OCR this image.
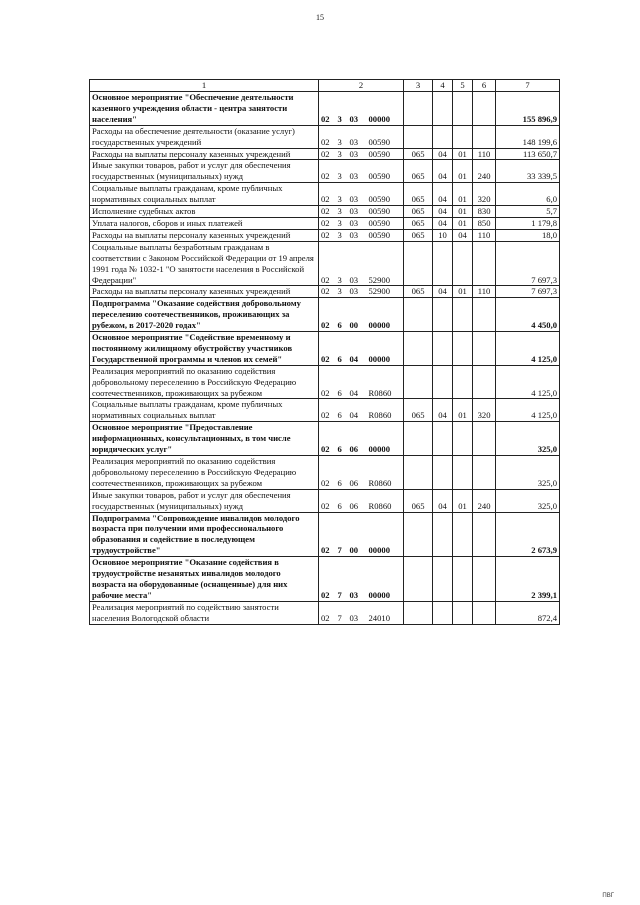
15
1	2				3	4	5	6	7
Основное мероприятие "Обеспечение деятельности казенного учреждения области - центра занятости населения"	02	3	03	00000					155 896,9
Расходы на обеспечение деятельности (оказание услуг) государственных учреждений	02	3	03	00590					148 199,6
Расходы на выплаты персоналу казенных учреждений	02	3	03	00590	065	04	01	110	113 650,7
Иные закупки товаров, работ и услуг для обеспечения государственных (муниципальных) нужд	02	3	03	00590	065	04	01	240	33 339,5
Социальные выплаты гражданам, кроме публичных нормативных социальных выплат	02	3	03	00590	065	04	01	320	6,0
Исполнение судебных актов	02	3	03	00590	065	04	01	830	5,7
Уплата налогов, сборов и иных платежей	02	3	03	00590	065	04	01	850	1 179,8
Расходы на выплаты персоналу казенных учреждений	02	3	03	00590	065	10	04	110	18,0
Социальные выплаты безработным гражданам в соответствии с Законом Российской Федерации от 19 апреля 1991 года № 1032-1 "О занятости населения в Российской Федерации"	02	3	03	52900					7 697,3
Расходы на выплаты персоналу казенных учреждений	02	3	03	52900	065	04	01	110	7 697,3
Подпрограмма "Оказание содействия добровольному переселению соотечественников, проживающих за рубежом, в 2017-2020 годах"	02	6	00	00000					4 450,0
Основное мероприятие "Содействие временному и постоянному жилищному обустройству участников Государственной программы и членов их семей"	02	6	04	00000					4 125,0
Реализация мероприятий по оказанию содействия добровольному переселению в Российскую Федерацию соотечественников, проживающих за рубежом	02	6	04	R0860					4 125,0
Социальные выплаты гражданам, кроме публичных нормативных социальных выплат	02	6	04	R0860	065	04	01	320	4 125,0
Основное мероприятие "Предоставление информационных, консультационных, в том числе юридических услуг"	02	6	06	00000					325,0
Реализация мероприятий по оказанию содействия добровольному переселению в Российскую Федерацию соотечественников, проживающих за рубежом	02	6	06	R0860					325,0
Иные закупки товаров, работ и услуг для обеспечения государственных (муниципальных) нужд	02	6	06	R0860	065	04	01	240	325,0
Подпрограмма "Сопровождение инвалидов молодого возраста при получении ими профессионального образования и содействие в последующем трудоустройстве"	02	7	00	00000					2 673,9
Основное мероприятие "Оказание содействия в трудоустройстве незанятых инвалидов молодого возраста на оборудованные (оснащенные) для них рабочие места"	02	7	03	00000					2 399,1
Реализация мероприятий по содействию занятости населения Вологодской области	02	7	03	24010					872,4
ПВГ
